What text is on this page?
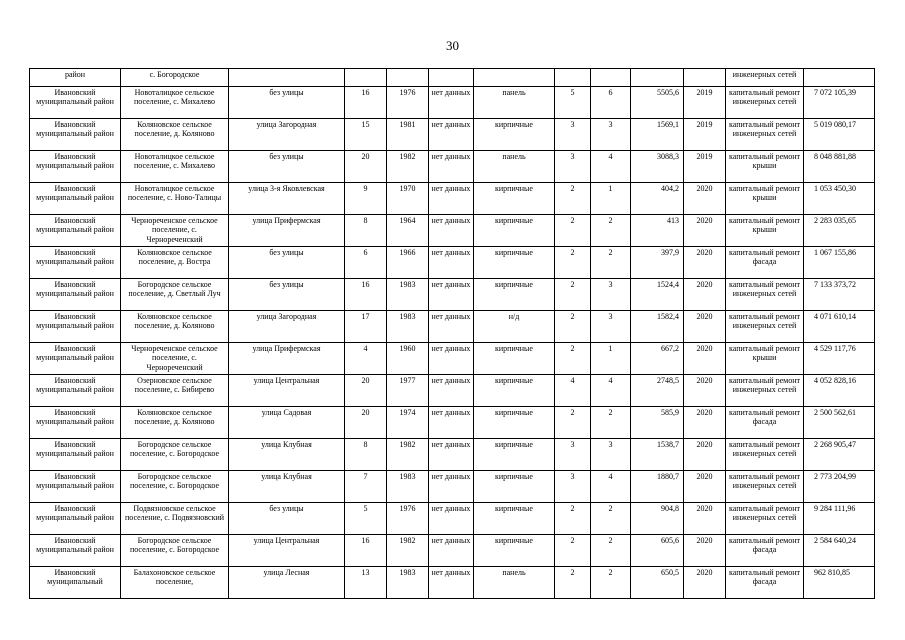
30
район	с. Богородское										инженерных сетей	
Ивановский муниципальный район	Новоталицкое сельское поселение, с. Михалево	без улицы	16	1976	нет данных	панель	5	6	5505,6	2019	капитальный ремонт инженерных сетей	7 072 105,39
Ивановский муниципальный район	Коляновское сельское поселение, д. Коляново	улица Загородная	15	1981	нет данных	кирпичные	3	3	1569,1	2019	капитальный ремонт инженерных сетей	5 019 080,17
Ивановский муниципальный район	Новоталицкое сельское поселение, с. Михалево	без улицы	20	1982	нет данных	панель	3	4	3088,3	2019	капитальный ремонт крыши	8 048 881,88
Ивановский муниципальный район	Новоталицкое сельское поселение, с. Ново-Талицы	улица 3-я Яковлевская	9	1970	нет данных	кирпичные	2	1	404,2	2020	капитальный ремонт крыши	1 053 450,30
Ивановский муниципальный район	Чернореченское сельское поселение, с. Чернореченский	улица Прифермская	8	1964	нет данных	кирпичные	2	2	413	2020	капитальный ремонт крыши	2 283 035,65
Ивановский муниципальный район	Коляновское сельское поселение, д. Востра	без улицы	6	1966	нет данных	кирпичные	2	2	397,9	2020	капитальный ремонт фасада	1 067 155,86
Ивановский муниципальный район	Богородское сельское поселение, д. Светлый Луч	без улицы	16	1983	нет данных	кирпичные	2	3	1524,4	2020	капитальный ремонт инженерных сетей	7 133 373,72
Ивановский муниципальный район	Коляновское сельское поселение, д. Коляново	улица Загородная	17	1983	нет данных	н/д	2	3	1582,4	2020	капитальный ремонт инженерных сетей	4 071 610,14
Ивановский муниципальный район	Чернореченское сельское поселение, с. Чернореченский	улица Прифермская	4	1960	нет данных	кирпичные	2	1	667,2	2020	капитальный ремонт крыши	4 529 117,76
Ивановский муниципальный район	Озерновское сельское поселение, с. Бибирево	улица Центральная	20	1977	нет данных	кирпичные	4	4	2748,5	2020	капитальный ремонт инженерных сетей	4 052 828,16
Ивановский муниципальный район	Коляновское сельское поселение, д. Коляново	улица Садовая	20	1974	нет данных	кирпичные	2	2	585,9	2020	капитальный ремонт фасада	2 500 562,61
Ивановский муниципальный район	Богородское сельское поселение, с. Богородское	улица Клубная	8	1982	нет данных	кирпичные	3	3	1538,7	2020	капитальный ремонт инженерных сетей	2 268 905,47
Ивановский муниципальный район	Богородское сельское поселение, с. Богородское	улица Клубная	7	1983	нет данных	кирпичные	3	4	1880,7	2020	капитальный ремонт инженерных сетей	2 773 204,99
Ивановский муниципальный район	Подвязновское сельское поселение, с. Подвязновский	без улицы	5	1976	нет данных	кирпичные	2	2	904,8	2020	капитальный ремонт инженерных сетей	9 284 111,96
Ивановский муниципальный район	Богородское сельское поселение, с. Богородское	улица Центральная	16	1982	нет данных	кирпичные	2	2	605,6	2020	капитальный ремонт фасада	2 584 640,24
Ивановский муниципальный	Балахоновское сельское поселение,	улица Лесная	13	1983	нет данных	панель	2	2	650,5	2020	капитальный ремонт фасада	962 810,85
